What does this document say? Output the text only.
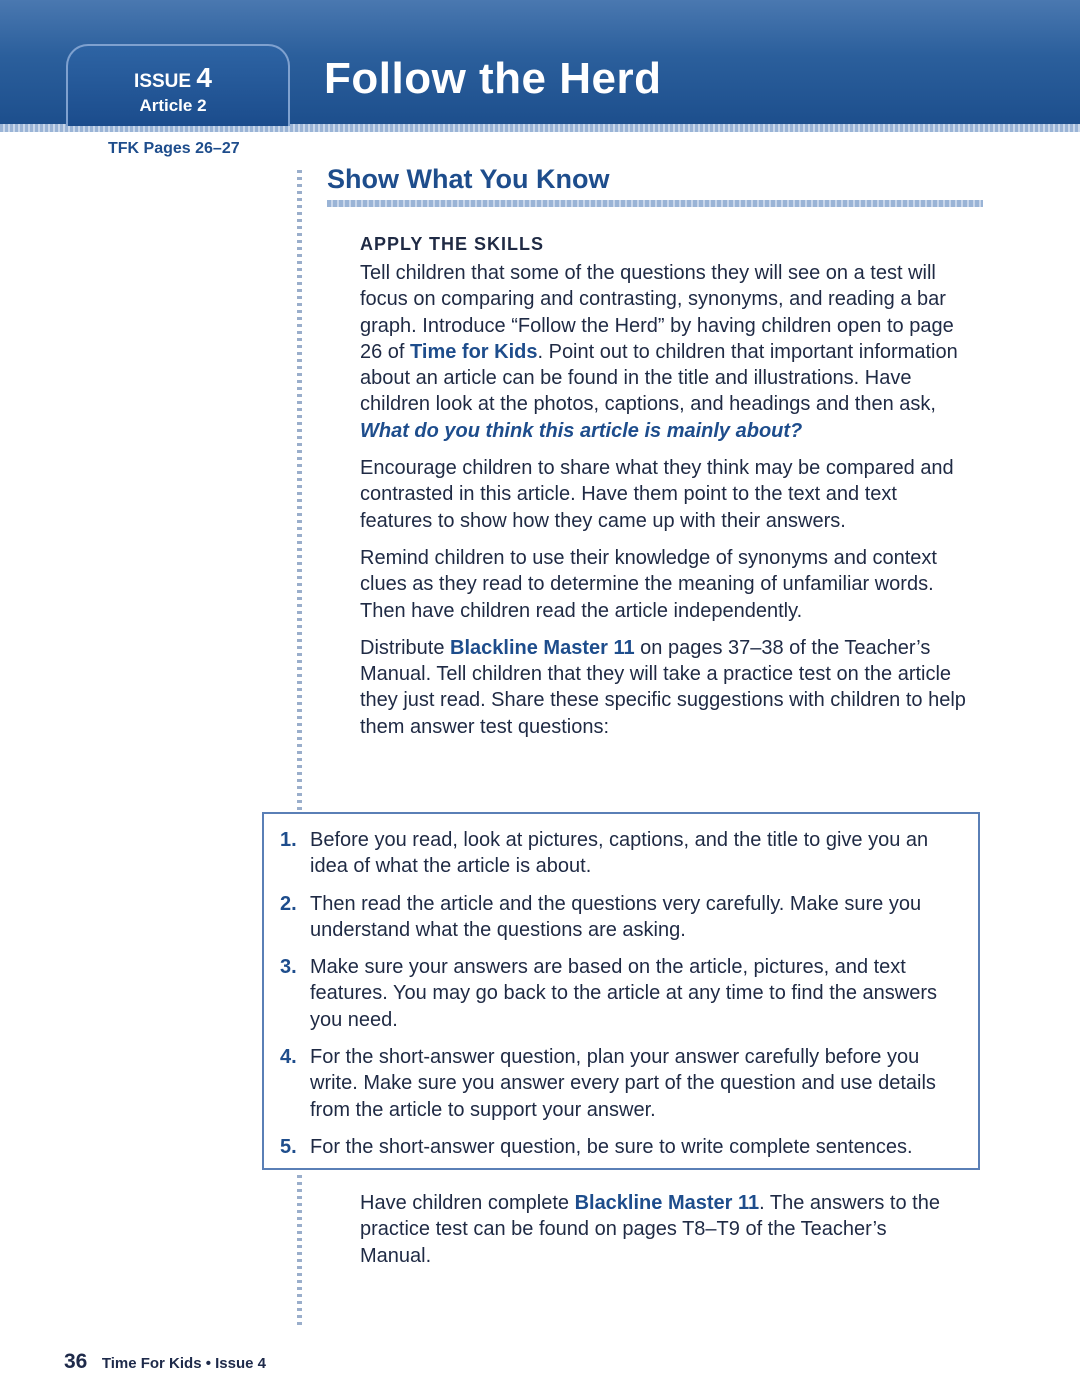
ISSUE 4
Article 2
Follow the Herd
TFK Pages 26–27
Show What You Know
APPLY THE SKILLS

Tell children that some of the questions they will see on a test will focus on comparing and contrasting, synonyms, and reading a bar graph. Introduce “Follow the Herd” by having children open to page 26 of Time for Kids. Point out to children that important information about an article can be found in the title and illustrations. Have children look at the photos, captions, and headings and then ask, What do you think this article is mainly about?

Encourage children to share what they think may be compared and contrasted in this article. Have them point to the text and text features to show how they came up with their answers.

Remind children to use their knowledge of synonyms and context clues as they read to determine the meaning of unfamiliar words. Then have children read the article independently.

Distribute Blackline Master 11 on pages 37–38 of the Teacher’s Manual. Tell children that they will take a practice test on the article they just read. Share these specific suggestions with children to help them answer test questions:

1. Before you read, look at pictures, captions, and the title to give you an idea of what the article is about.
2. Then read the article and the questions very carefully. Make sure you understand what the questions are asking.
3. Make sure your answers are based on the article, pictures, and text features. You may go back to the article at any time to find the answers you need.
4. For the short-answer question, plan your answer carefully before you write. Make sure you answer every part of the question and use details from the article to support your answer.
5. For the short-answer question, be sure to write complete sentences.

Have children complete Blackline Master 11. The answers to the practice test can be found on pages T8–T9 of the Teacher’s Manual.

36 Time For Kids • Issue 4
